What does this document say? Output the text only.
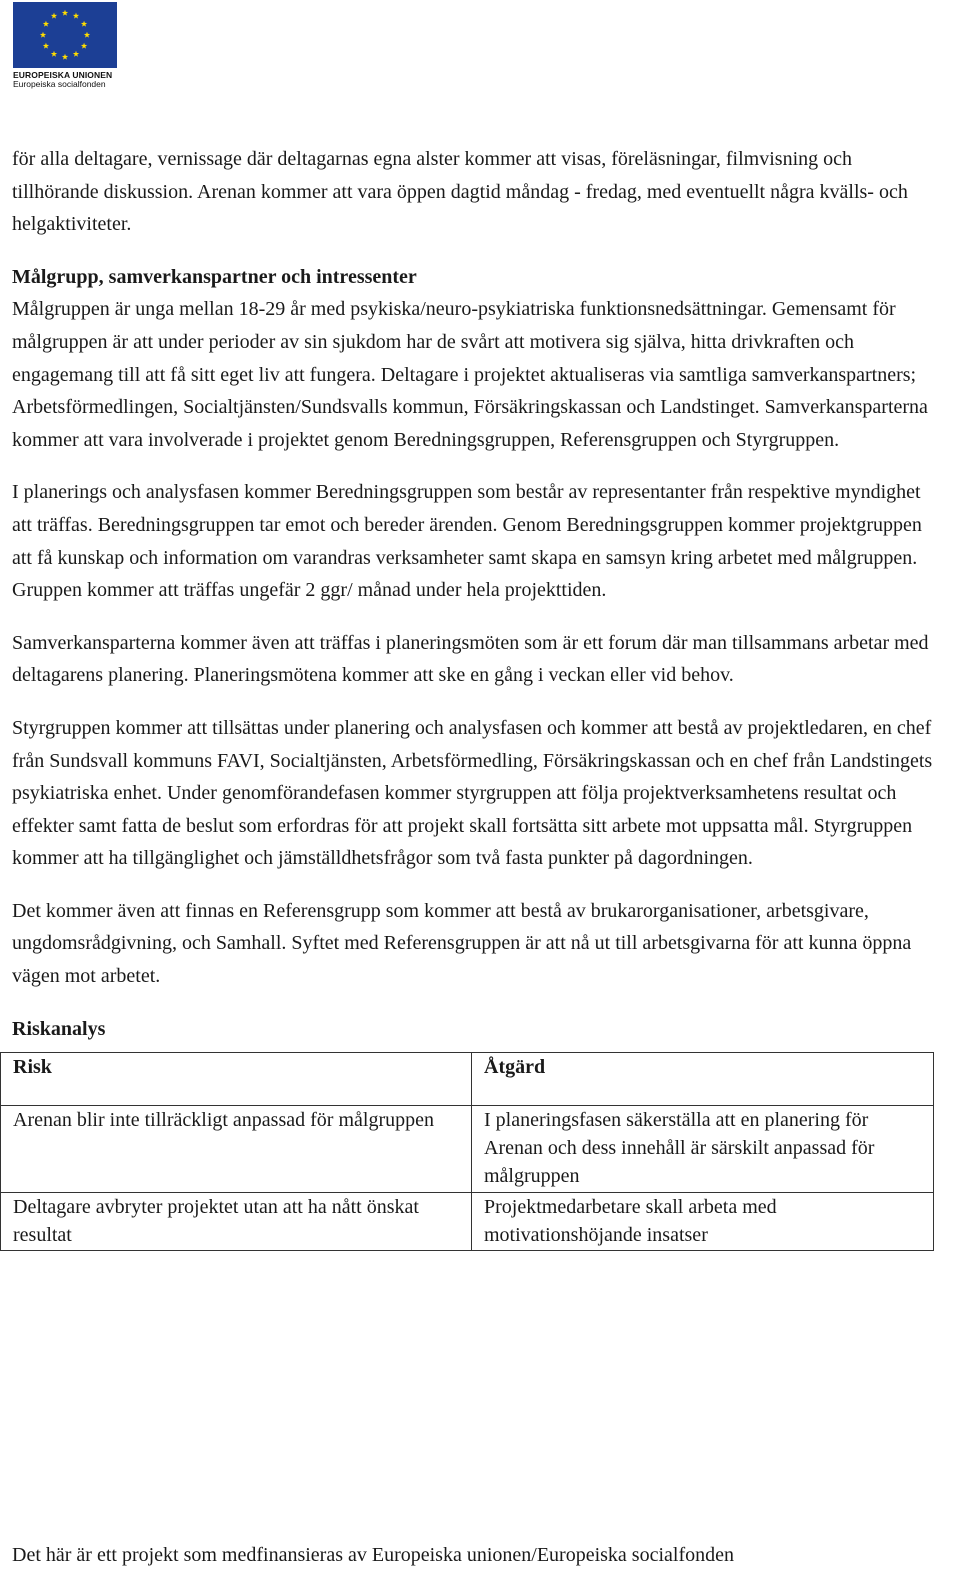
EUROPEISKA UNIONEN
Europeiska socialfonden

för alla deltagare, vernissage där deltagarnas egna alster kommer att visas, föreläsningar, filmvisning och tillhörande diskussion. Arenan kommer att vara öppen dagtid måndag - fredag, med eventuellt några kvälls- och helgaktiviteter.

Målgrupp, samverkanspartner och intressenter

Målgruppen är unga mellan 18-29 år med psykiska/neuro-psykiatriska funktionsnedsättningar. Gemensamt för målgruppen är att under perioder av sin sjukdom har de svårt att motivera sig själva, hitta drivkraften och engagemang till att få sitt eget liv att fungera. Deltagare i projektet aktualiseras via samtliga samverkanspartners; Arbetsförmedlingen, Socialtjänsten/Sundsvalls kommun, Försäkringskassan och Landstinget. Samverkansparterna kommer att vara involverade i projektet genom Beredningsgruppen, Referensgruppen och Styrgruppen.

I planerings och analysfasen kommer Beredningsgruppen som består av representanter från respektive myndighet att träffas. Beredningsgruppen tar emot och bereder ärenden. Genom Beredningsgruppen kommer projektgruppen att få kunskap och information om varandras verksamheter samt skapa en samsyn kring arbetet med målgruppen. Gruppen kommer att träffas ungefär 2 ggr/ månad under hela projekttiden.

Samverkansparterna kommer även att träffas i planeringsmöten som är ett forum där man tillsammans arbetar med deltagarens planering. Planeringsmötena kommer att ske en gång i veckan eller vid behov.

Styrgruppen kommer att tillsättas under planering och analysfasen och kommer att bestå av projektledaren, en chef från Sundsvall kommuns FAVI, Socialtjänsten, Arbetsförmedling, Försäkringskassan och en chef från Landstingets psykiatriska enhet. Under genomförandefasen kommer styrgruppen att följa projektverksamhetens resultat och effekter samt fatta de beslut som erfordras för att projekt skall fortsätta sitt arbete mot uppsatta mål. Styrgruppen kommer att ha tillgänglighet och jämställdhetsfrågor som två fasta punkter på dagordningen.

Det kommer även att finnas en Referensgrupp som kommer att bestå av brukarorganisationer, arbetsgivare, ungdomsrådgivning, och Samhall. Syftet med Referensgruppen är att nå ut till arbetsgivarna för att kunna öppna vägen mot arbetet.

Riskanalys
Risk	Åtgärd

Arenan blir inte tillräckligt anpassad för målgruppen	I planeringsfasen säkerställa att en planering för Arenan och dess innehåll är särskilt anpassad för målgruppen
Deltagare avbryter projektet utan att ha nått önskat resultat	Projektmedarbetare skall arbeta med motivationshöjande insatser
Det här är ett projekt som medfinansieras av Europeiska unionen/Europeiska socialfonden
